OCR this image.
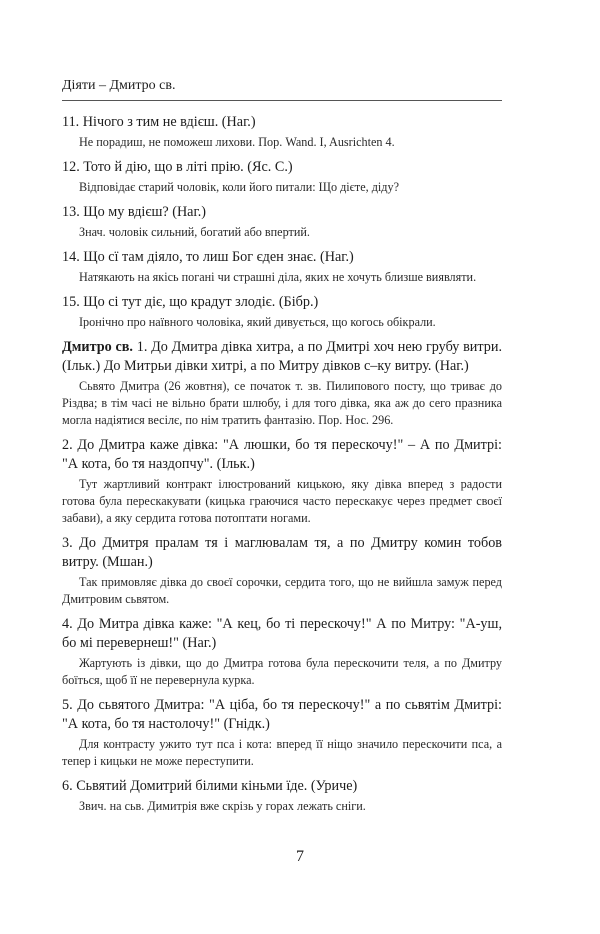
Діяти – Дмитро св.
11. Нічого з тим не вдієш. (Наг.)
Не порадиш, не поможеш лихови. Пор. Wand. I, Ausrichten 4.
12. Тото й дію, що в літі прію. (Яс. С.)
Відповідає старий чоловік, коли його питали: Що дієте, діду?
13. Що му вдієш? (Наг.)
Знач. чоловік сильний, богатий або впертий.
14. Що сї там діяло, то лиш Бог єден знає. (Наг.)
Натякають на якісь погані чи страшні діла, яких не хочуть близше виявляти.
15. Що сі тут діє, що крадут злодіє. (Бібр.)
Іронічно про наївного чоловіка, який дивується, що когось обікрали.
Дмитро св. 1. До Дмитра дівка хитра, а по Дмитрі хоч нею грубу витри. (Ільк.) До Митрьи дівки хитрі, а по Митру дівков с–ку витру. (Наг.)
Сьвято Дмитра (26 жовтня), се початок т. зв. Пилипового посту, що триває до Різдва; в тім часі не вільно брати шлюбу, і для того дівка, яка аж до сего празника могла надіятися весілє, по нім тратить фантазію. Пор. Нос. 296.
2. До Дмитра каже дівка: "А люшки, бо тя перескочу!" – А по Дмитрі: "А кота, бо тя наздопчу". (Ільк.)
Тут жартливий контракт ілюстрований кицькою, яку дівка вперед з радости готова була перескакувати (кицька граючися часто перескакує через предмет своєї забави), а яку сердита готова потоптати ногами.
3. До Дмитря пралам тя і маглювалам тя, а по Дмитру комин тобов витру. (Мшан.)
Так примовляє дівка до своєї сорочки, сердита того, що не вийшла замуж перед Дмитровим сьвятом.
4. До Митра дівка каже: "А кец, бо ті перескочу!" А по Митру: "А-уш, бо мі перевернеш!" (Наг.)
Жартують із дівки, що до Дмитра готова була перескочити теля, а по Дмитру боїться, щоб її не перевернула курка.
5. До сьвятого Дмитра: "А ціба, бо тя перескочу!" а по сьвятім Дмитрі: "А кота, бо тя настолочу!" (Гнідк.)
Для контрасту ужито тут пса і кота: вперед її ніщо значило перескочити пса, а тепер і кицьки не може переступити.
6. Сьвятий Домитрий білими кіньми їде. (Уриче)
Звич. на сьв. Димитрія вже скрізь у горах лежать сніги.
7
